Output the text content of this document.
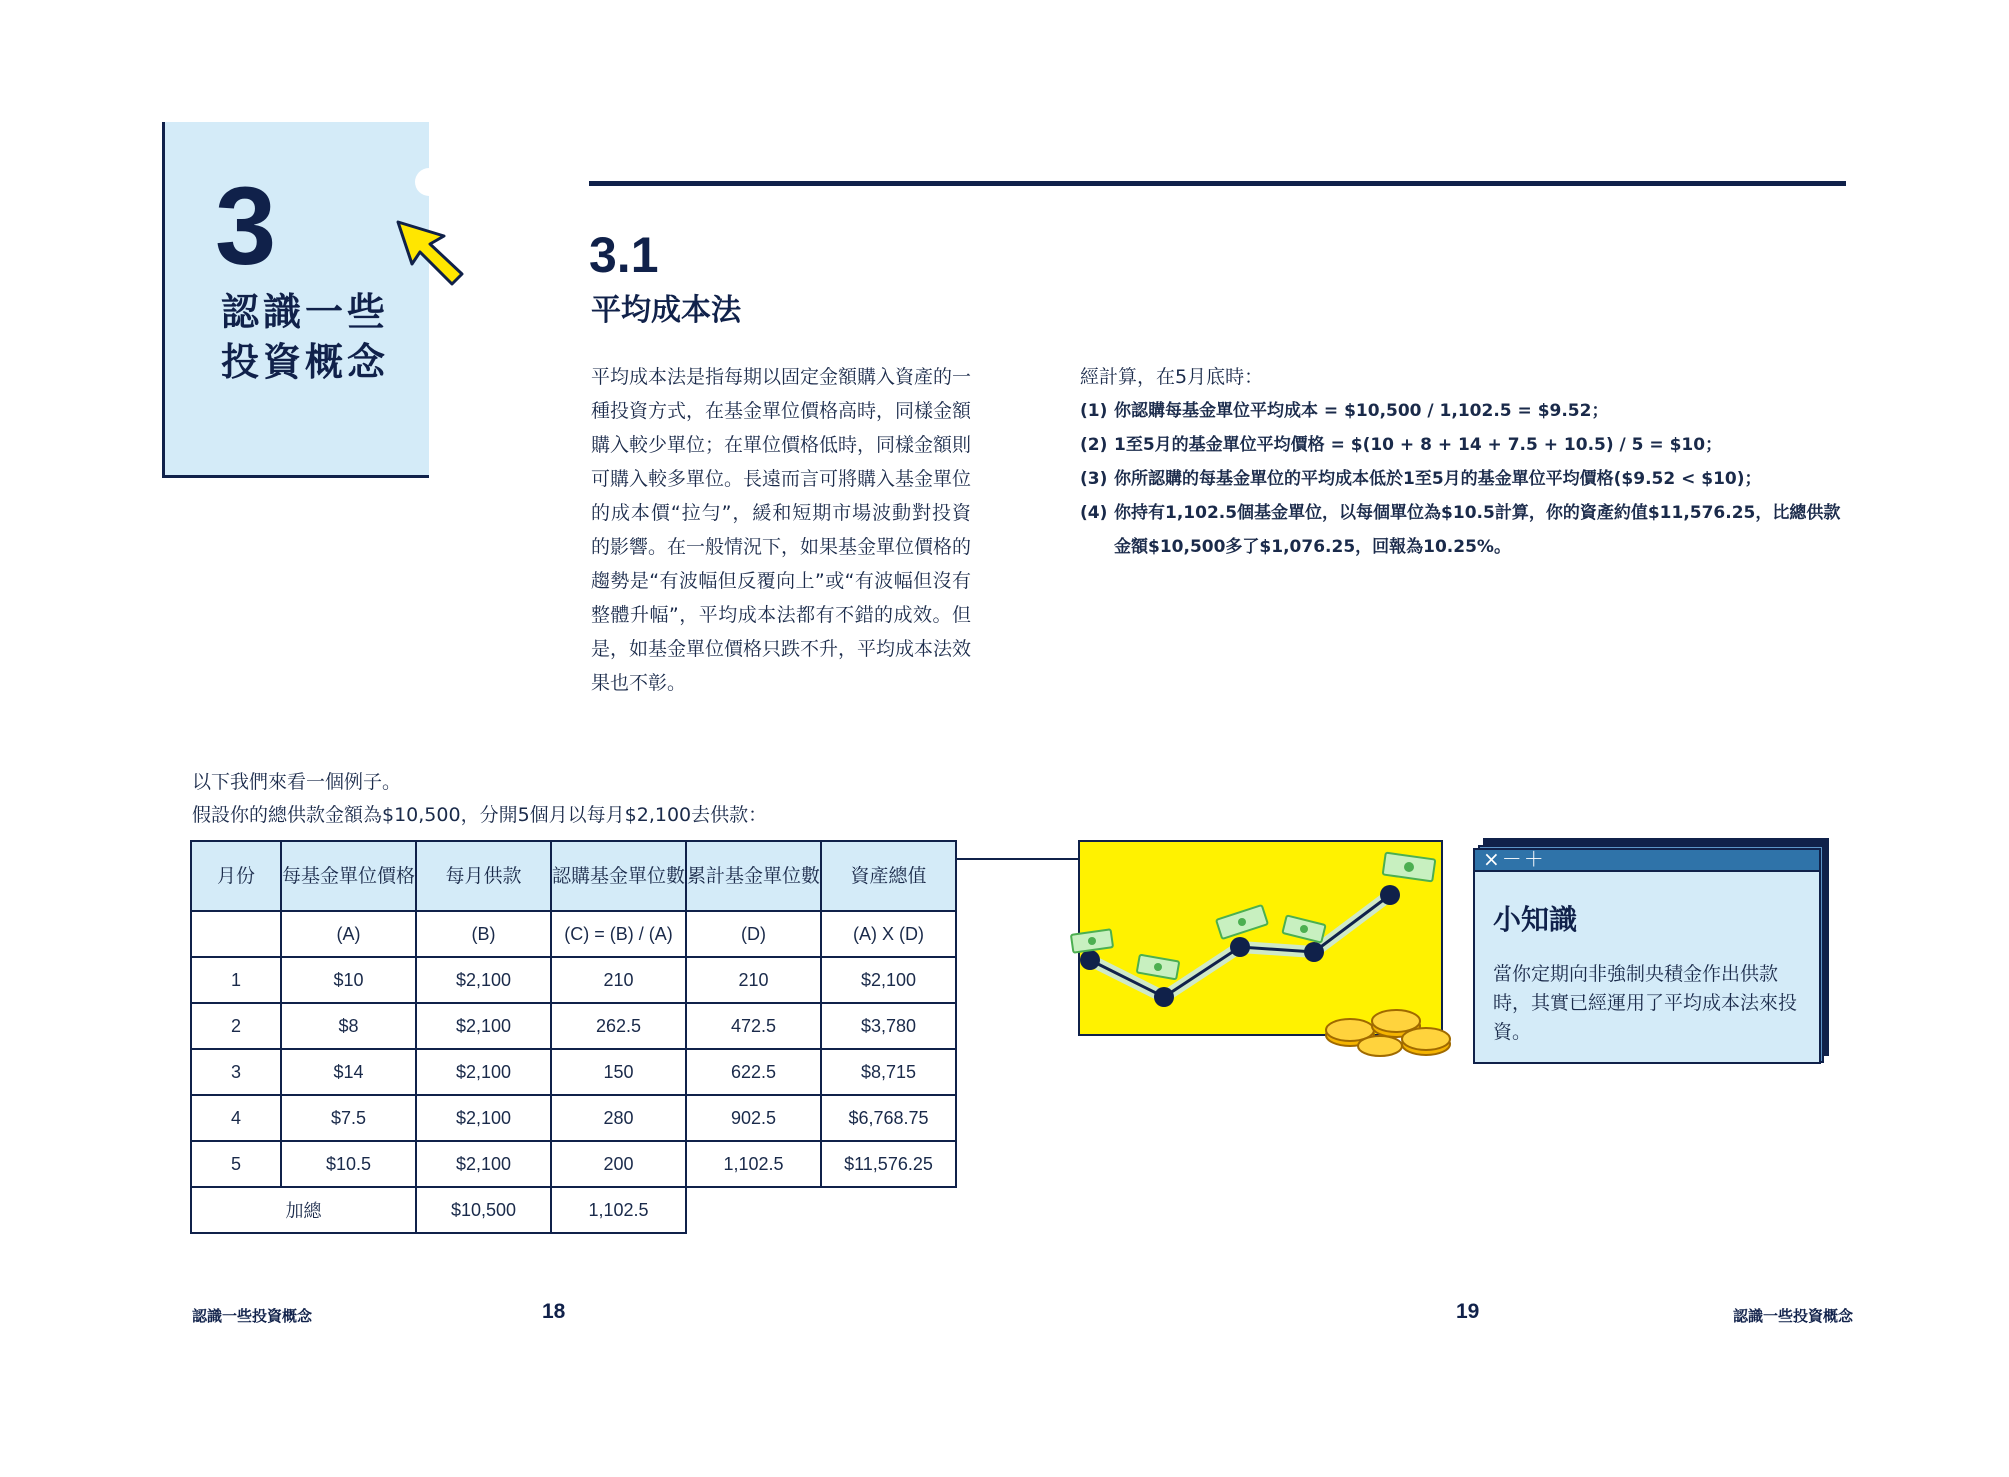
3
認識一些
投資概念
3.1
平均成本法
平均成本法是指每期以固定金額購入資產的一種投資方式，在基金單位價格高時，同樣金額購入較少單位；在單位價格低時，同樣金額則可購入較多單位。長遠而言可將購入基金單位的成本價“拉勻”，緩和短期市場波動對投資的影響。在一般情況下，如果基金單位價格的趨勢是“有波幅但反覆向上”或“有波幅但沒有整體升幅”，平均成本法都有不錯的成效。但是，如基金單位價格只跌不升，平均成本法效果也不彰。
經計算，在5月底時：
(1) 你認購每基金單位平均成本 = $10,500 / 1,102.5 = $9.52；
(2) 1至5月的基金單位平均價格 = $(10 + 8 + 14 + 7.5 + 10.5) / 5 = $10；
(3) 你所認購的每基金單位的平均成本低於1至5月的基金單位平均價格($9.52 < $10)；
(4) 你持有1,102.5個基金單位，以每個單位為$10.5計算，你的資產約值$11,576.25，比總供款金額$10,500多了$1,076.25，回報為10.25%。
以下我們來看一個例子。
假設你的總供款金額為$10,500，分開5個月以每月$2,100去供款：
月份	每基金單位價格	每月供款	認購基金單位數	累計基金單位數	資產總值
	(A)	(B)	(C) = (B) / (A)	(D)	(A) X (D)
1	$10	$2,100	210	210	$2,100
2	$8	$2,100	262.5	472.5	$3,780
3	$14	$2,100	150	622.5	$8,715
4	$7.5	$2,100	280	902.5	$6,768.75
5	$10.5	$2,100	200	1,102.5	$11,576.25
加總		$10,500	1,102.5		
×－＋
小知識
當你定期向非強制央積金作出供款時，其實已經運用了平均成本法來投資。
認識一些投資概念	18	19	認識一些投資概念
